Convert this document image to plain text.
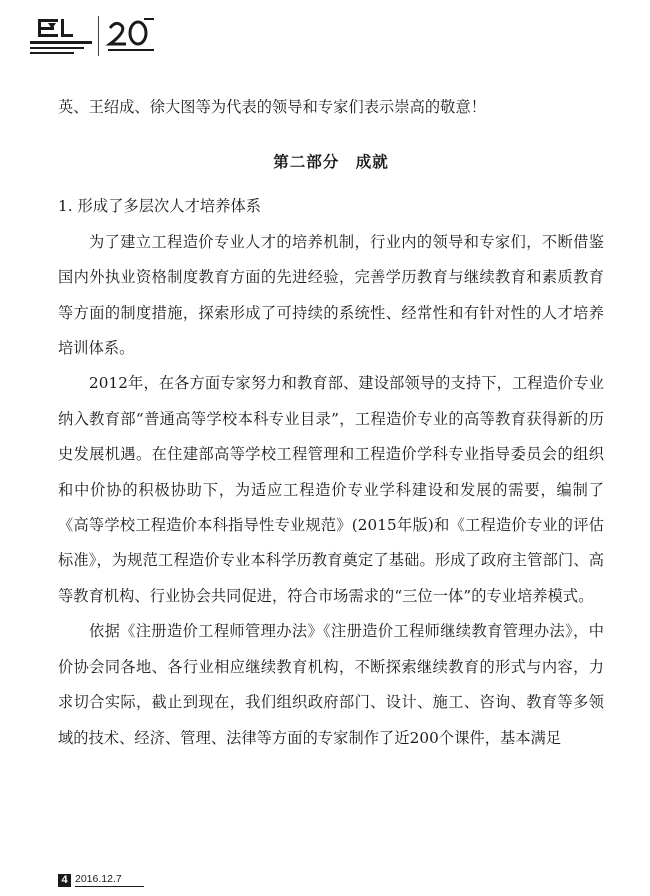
英、王绍成、徐大图等为代表的领导和专家们表示崇高的敬意！

第二部分　成就

1. 形成了多层次人才培养体系

为了建立工程造价专业人才的培养机制，行业内的领导和专家们，不断借鉴国内外执业资格制度教育方面的先进经验，完善学历教育与继续教育和素质教育等方面的制度措施，探索形成了可持续的系统性、经常性和有针对性的人才培养培训体系。

2012年，在各方面专家努力和教育部、建设部领导的支持下，工程造价专业纳入教育部“普通高等学校本科专业目录”，工程造价专业的高等教育获得新的历史发展机遇。在住建部高等学校工程管理和工程造价学科专业指导委员会的组织和中价协的积极协助下，为适应工程造价专业学科建设和发展的需要，编制了《高等学校工程造价本科指导性专业规范》(2015年版)和《工程造价专业的评估标准》，为规范工程造价专业本科学历教育奠定了基础。形成了政府主管部门、高等教育机构、行业协会共同促进，符合市场需求的“三位一体”的专业培养模式。

依据《注册造价工程师管理办法》《注册造价工程师继续教育管理办法》，中价协会同各地、各行业相应继续教育机构，不断探索继续教育的形式与内容，力求切合实际，截止到现在，我们组织政府部门、设计、施工、咨询、教育等多领域的技术、经济、管理、法律等方面的专家制作了近200个课件，基本满足

4 2016.12.7
